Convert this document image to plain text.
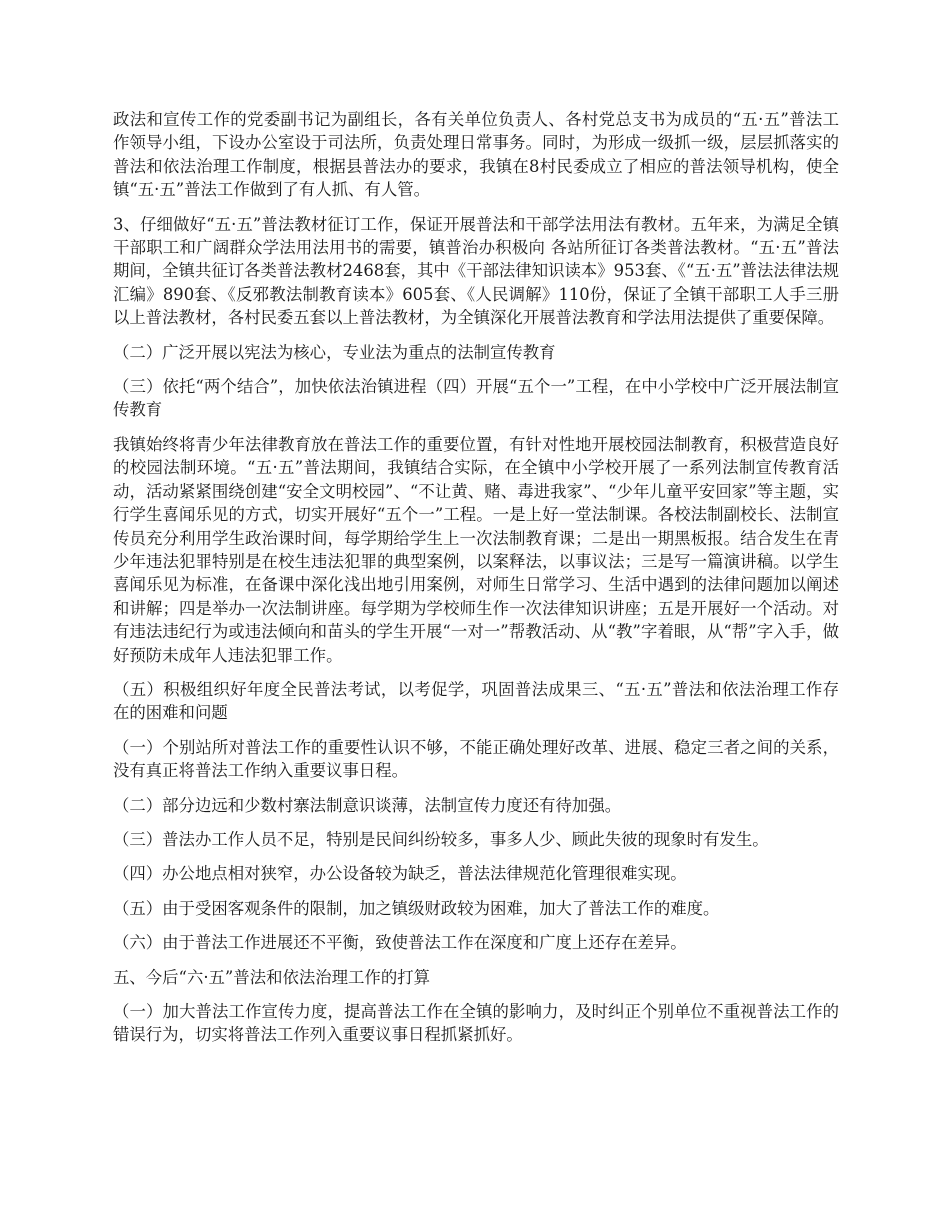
政法和宣传工作的党委副书记为副组长，各有关单位负责人、各村党总支书为成员的“五·五”普法工作领导小组，下设办公室设于司法所，负责处理日常事务。同时，为形成一级抓一级，层层抓落实的普法和依法治理工作制度，根据县普法办的要求，我镇在8村民委成立了相应的普法领导机构，使全镇“五·五”普法工作做到了有人抓、有人管。

3、仔细做好“五·五”普法教材征订工作，保证开展普法和干部学法用法有教材。五年来，为满足全镇干部职工和广阔群众学法用法用书的需要，镇普治办积极向 各站所征订各类普法教材。“五·五”普法期间，全镇共征订各类普法教材2468套，其中《干部法律知识读本》953套、《“五·五”普法法律法规汇编》890套、《反邪教法制教育读本》605套、《人民调解》110份，保证了全镇干部职工人手三册以上普法教材，各村民委五套以上普法教材，为全镇深化开展普法教育和学法用法提供了重要保障。

（二）广泛开展以宪法为核心，专业法为重点的法制宣传教育

（三）依托“两个结合”，加快依法治镇进程（四）开展“五个一”工程，在中小学校中广泛开展法制宣传教育

我镇始终将青少年法律教育放在普法工作的重要位置，有针对性地开展校园法制教育，积极营造良好的校园法制环境。“五·五”普法期间，我镇结合实际，在全镇中小学校开展了一系列法制宣传教育活动，活动紧紧围绕创建“安全文明校园”、“不让黄、赌、毒进我家”、“少年儿童平安回家”等主题，实行学生喜闻乐见的方式，切实开展好“五个一”工程。一是上好一堂法制课。各校法制副校长、法制宣传员充分利用学生政治课时间，每学期给学生上一次法制教育课；二是出一期黑板报。结合发生在青少年违法犯罪特别是在校生违法犯罪的典型案例，以案释法，以事议法；三是写一篇演讲稿。以学生喜闻乐见为标准，在备课中深化浅出地引用案例，对师生日常学习、生活中遇到的法律问题加以阐述和讲解；四是举办一次法制讲座。每学期为学校师生作一次法律知识讲座；五是开展好一个活动。对有违法违纪行为或违法倾向和苗头的学生开展“一对一”帮教活动、从“教”字着眼，从“帮”字入手，做好预防未成年人违法犯罪工作。

（五）积极组织好年度全民普法考试，以考促学，巩固普法成果三、“五·五”普法和依法治理工作存在的困难和问题

（一）个别站所对普法工作的重要性认识不够，不能正确处理好改革、进展、稳定三者之间的关系，没有真正将普法工作纳入重要议事日程。

（二）部分边远和少数村寨法制意识谈薄，法制宣传力度还有待加强。

（三）普法办工作人员不足，特别是民间纠纷较多，事多人少、顾此失彼的现象时有发生。

（四）办公地点相对狭窄，办公设备较为缺乏，普法法律规范化管理很难实现。

（五）由于受困客观条件的限制，加之镇级财政较为困难，加大了普法工作的难度。

（六）由于普法工作进展还不平衡，致使普法工作在深度和广度上还存在差异。

五、今后“六·五”普法和依法治理工作的打算

（一）加大普法工作宣传力度，提高普法工作在全镇的影响力，及时纠正个别单位不重视普法工作的错误行为，切实将普法工作列入重要议事日程抓紧抓好。
